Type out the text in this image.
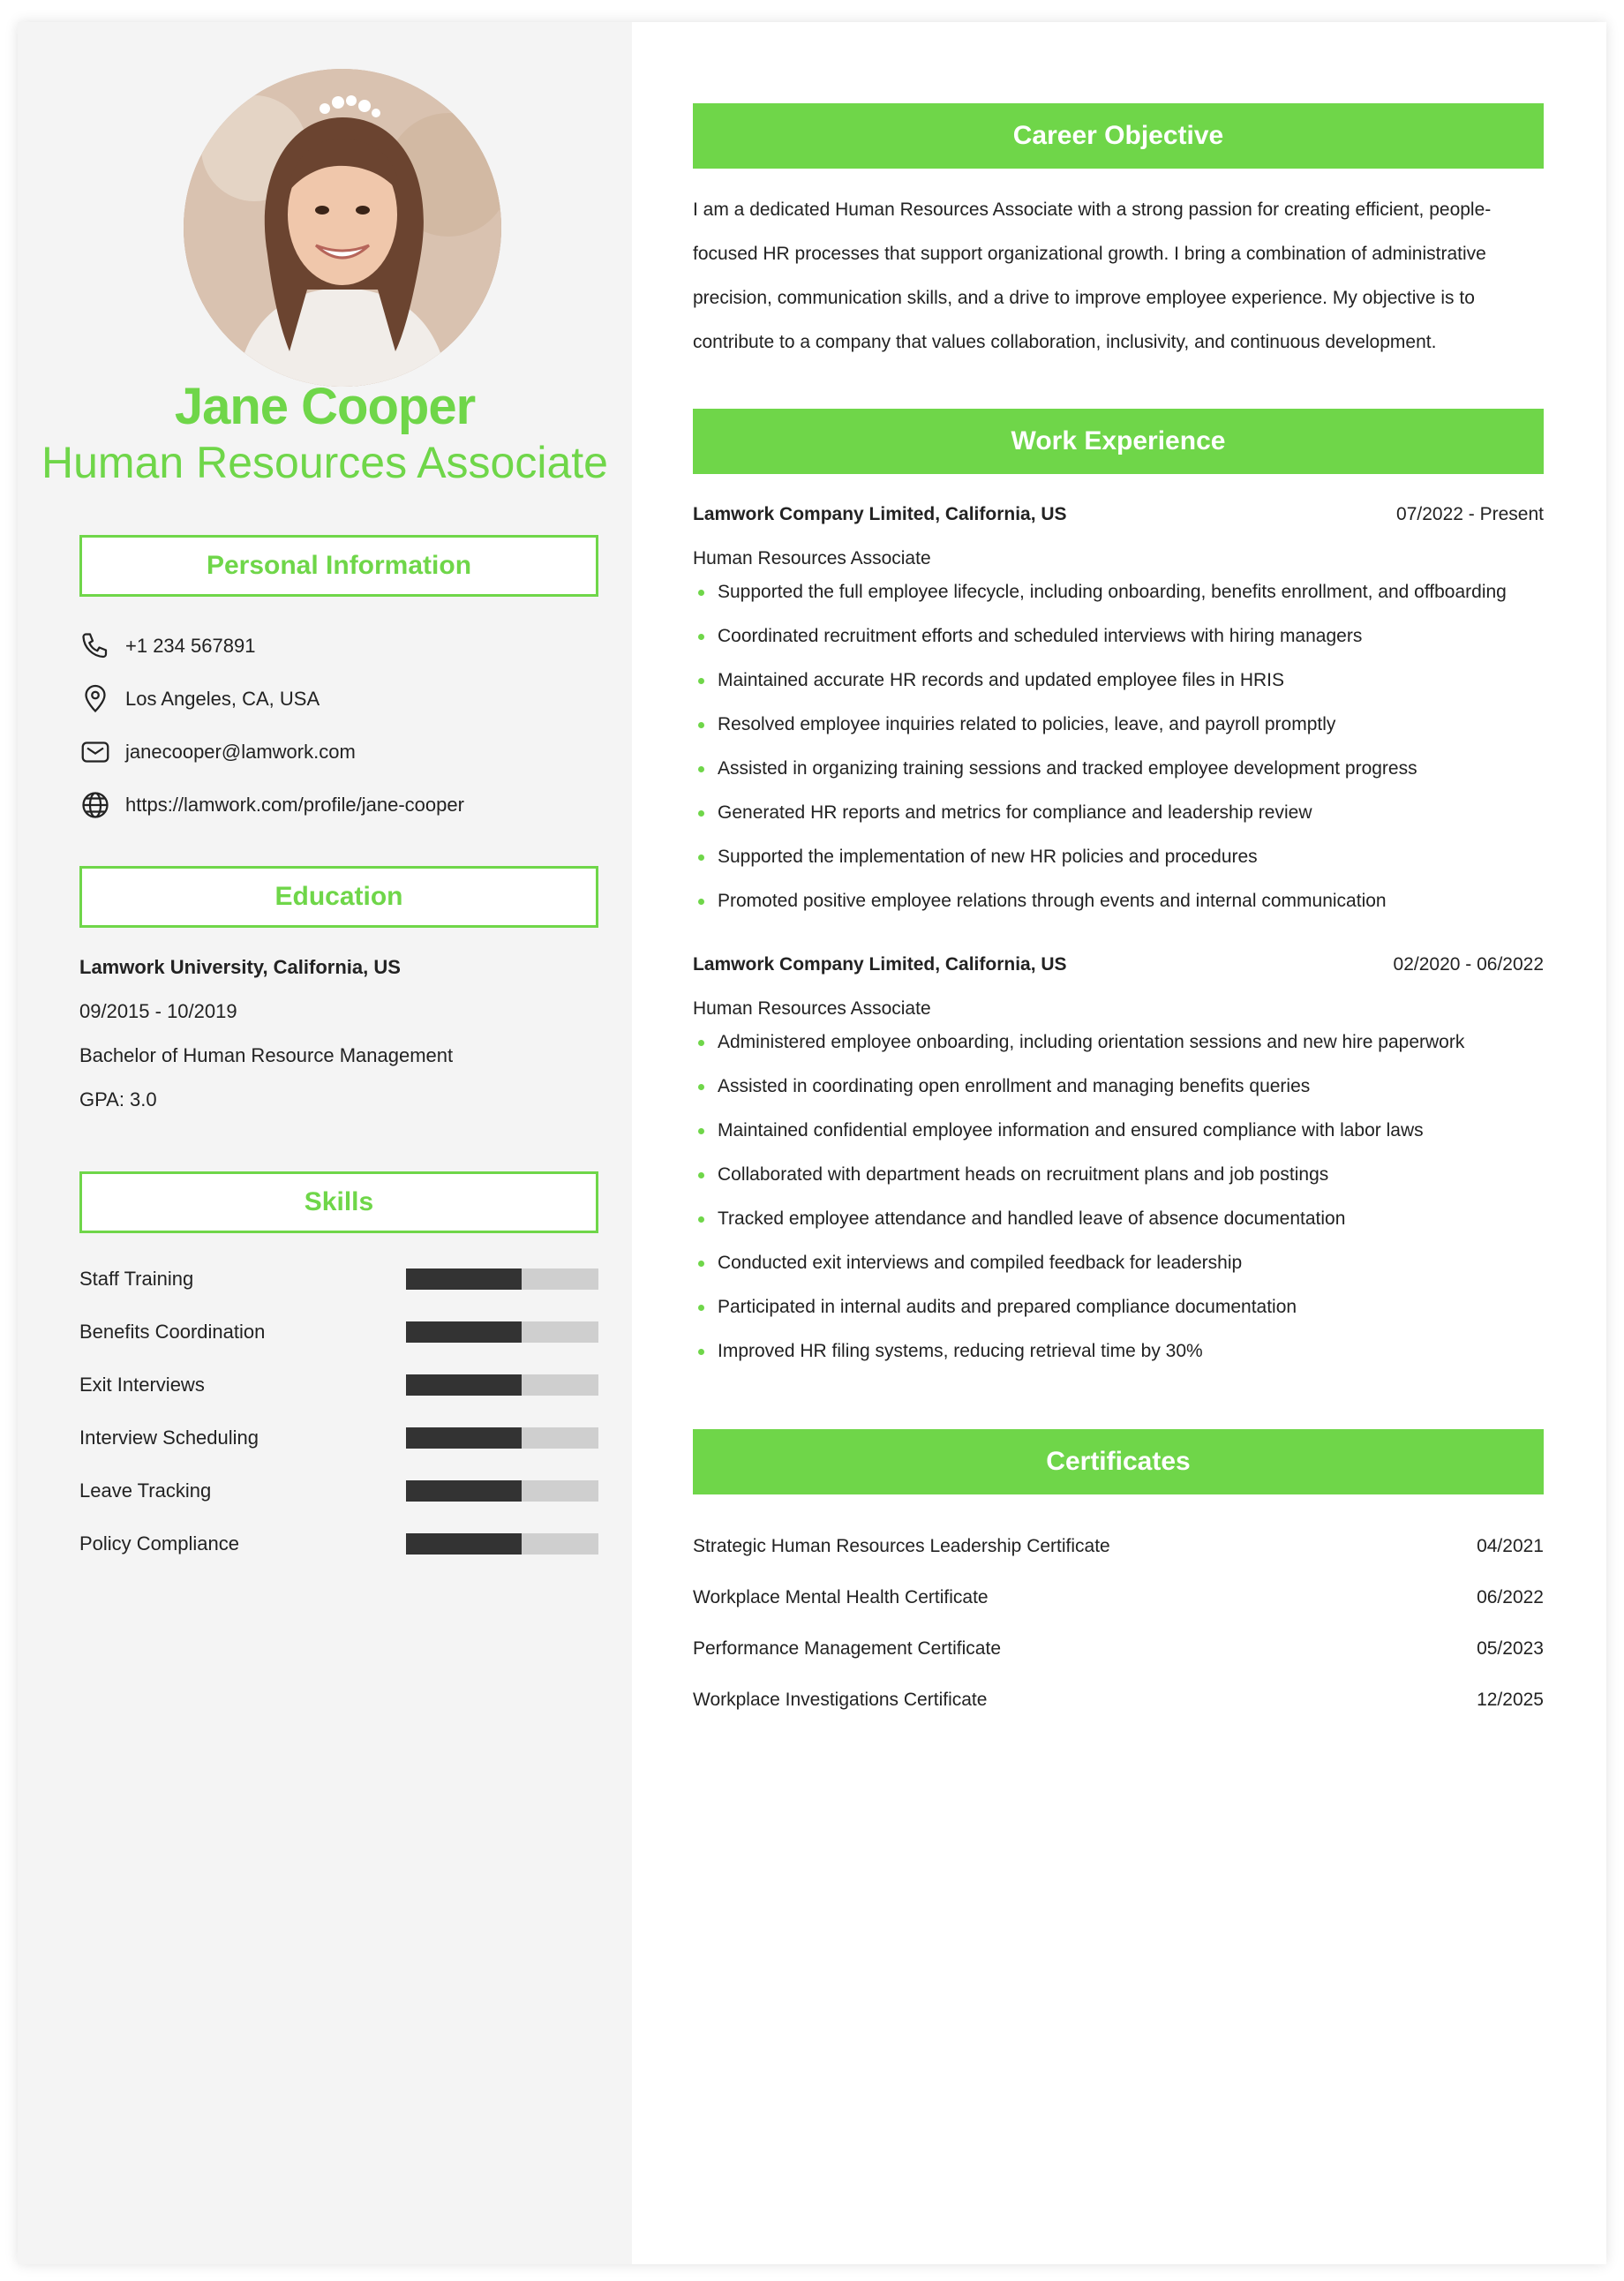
Jane Cooper
Human Resources Associate
Personal Information
+1 234 567891
Los Angeles, CA, USA
janecooper@lamwork.com
https://lamwork.com/profile/jane-cooper
Education
Lamwork University, California, US
09/2015 - 10/2019
Bachelor of Human Resource Management
GPA: 3.0
Skills
Staff Training
Benefits Coordination
Exit Interviews
Interview Scheduling
Leave Tracking
Policy Compliance
Career Objective
I am a dedicated Human Resources Associate with a strong passion for creating efficient, people-focused HR processes that support organizational growth. I bring a combination of administrative precision, communication skills, and a drive to improve employee experience. My objective is to contribute to a company that values collaboration, inclusivity, and continuous development.
Work Experience
Lamwork Company Limited, California, US	07/2022 - Present
Human Resources Associate
Supported the full employee lifecycle, including onboarding, benefits enrollment, and offboarding
Coordinated recruitment efforts and scheduled interviews with hiring managers
Maintained accurate HR records and updated employee files in HRIS
Resolved employee inquiries related to policies, leave, and payroll promptly
Assisted in organizing training sessions and tracked employee development progress
Generated HR reports and metrics for compliance and leadership review
Supported the implementation of new HR policies and procedures
Promoted positive employee relations through events and internal communication
Lamwork Company Limited, California, US	02/2020 - 06/2022
Human Resources Associate
Administered employee onboarding, including orientation sessions and new hire paperwork
Assisted in coordinating open enrollment and managing benefits queries
Maintained confidential employee information and ensured compliance with labor laws
Collaborated with department heads on recruitment plans and job postings
Tracked employee attendance and handled leave of absence documentation
Conducted exit interviews and compiled feedback for leadership
Participated in internal audits and prepared compliance documentation
Improved HR filing systems, reducing retrieval time by 30%
Certificates
Strategic Human Resources Leadership Certificate	04/2021
Workplace Mental Health Certificate	06/2022
Performance Management Certificate	05/2023
Workplace Investigations Certificate	12/2025
